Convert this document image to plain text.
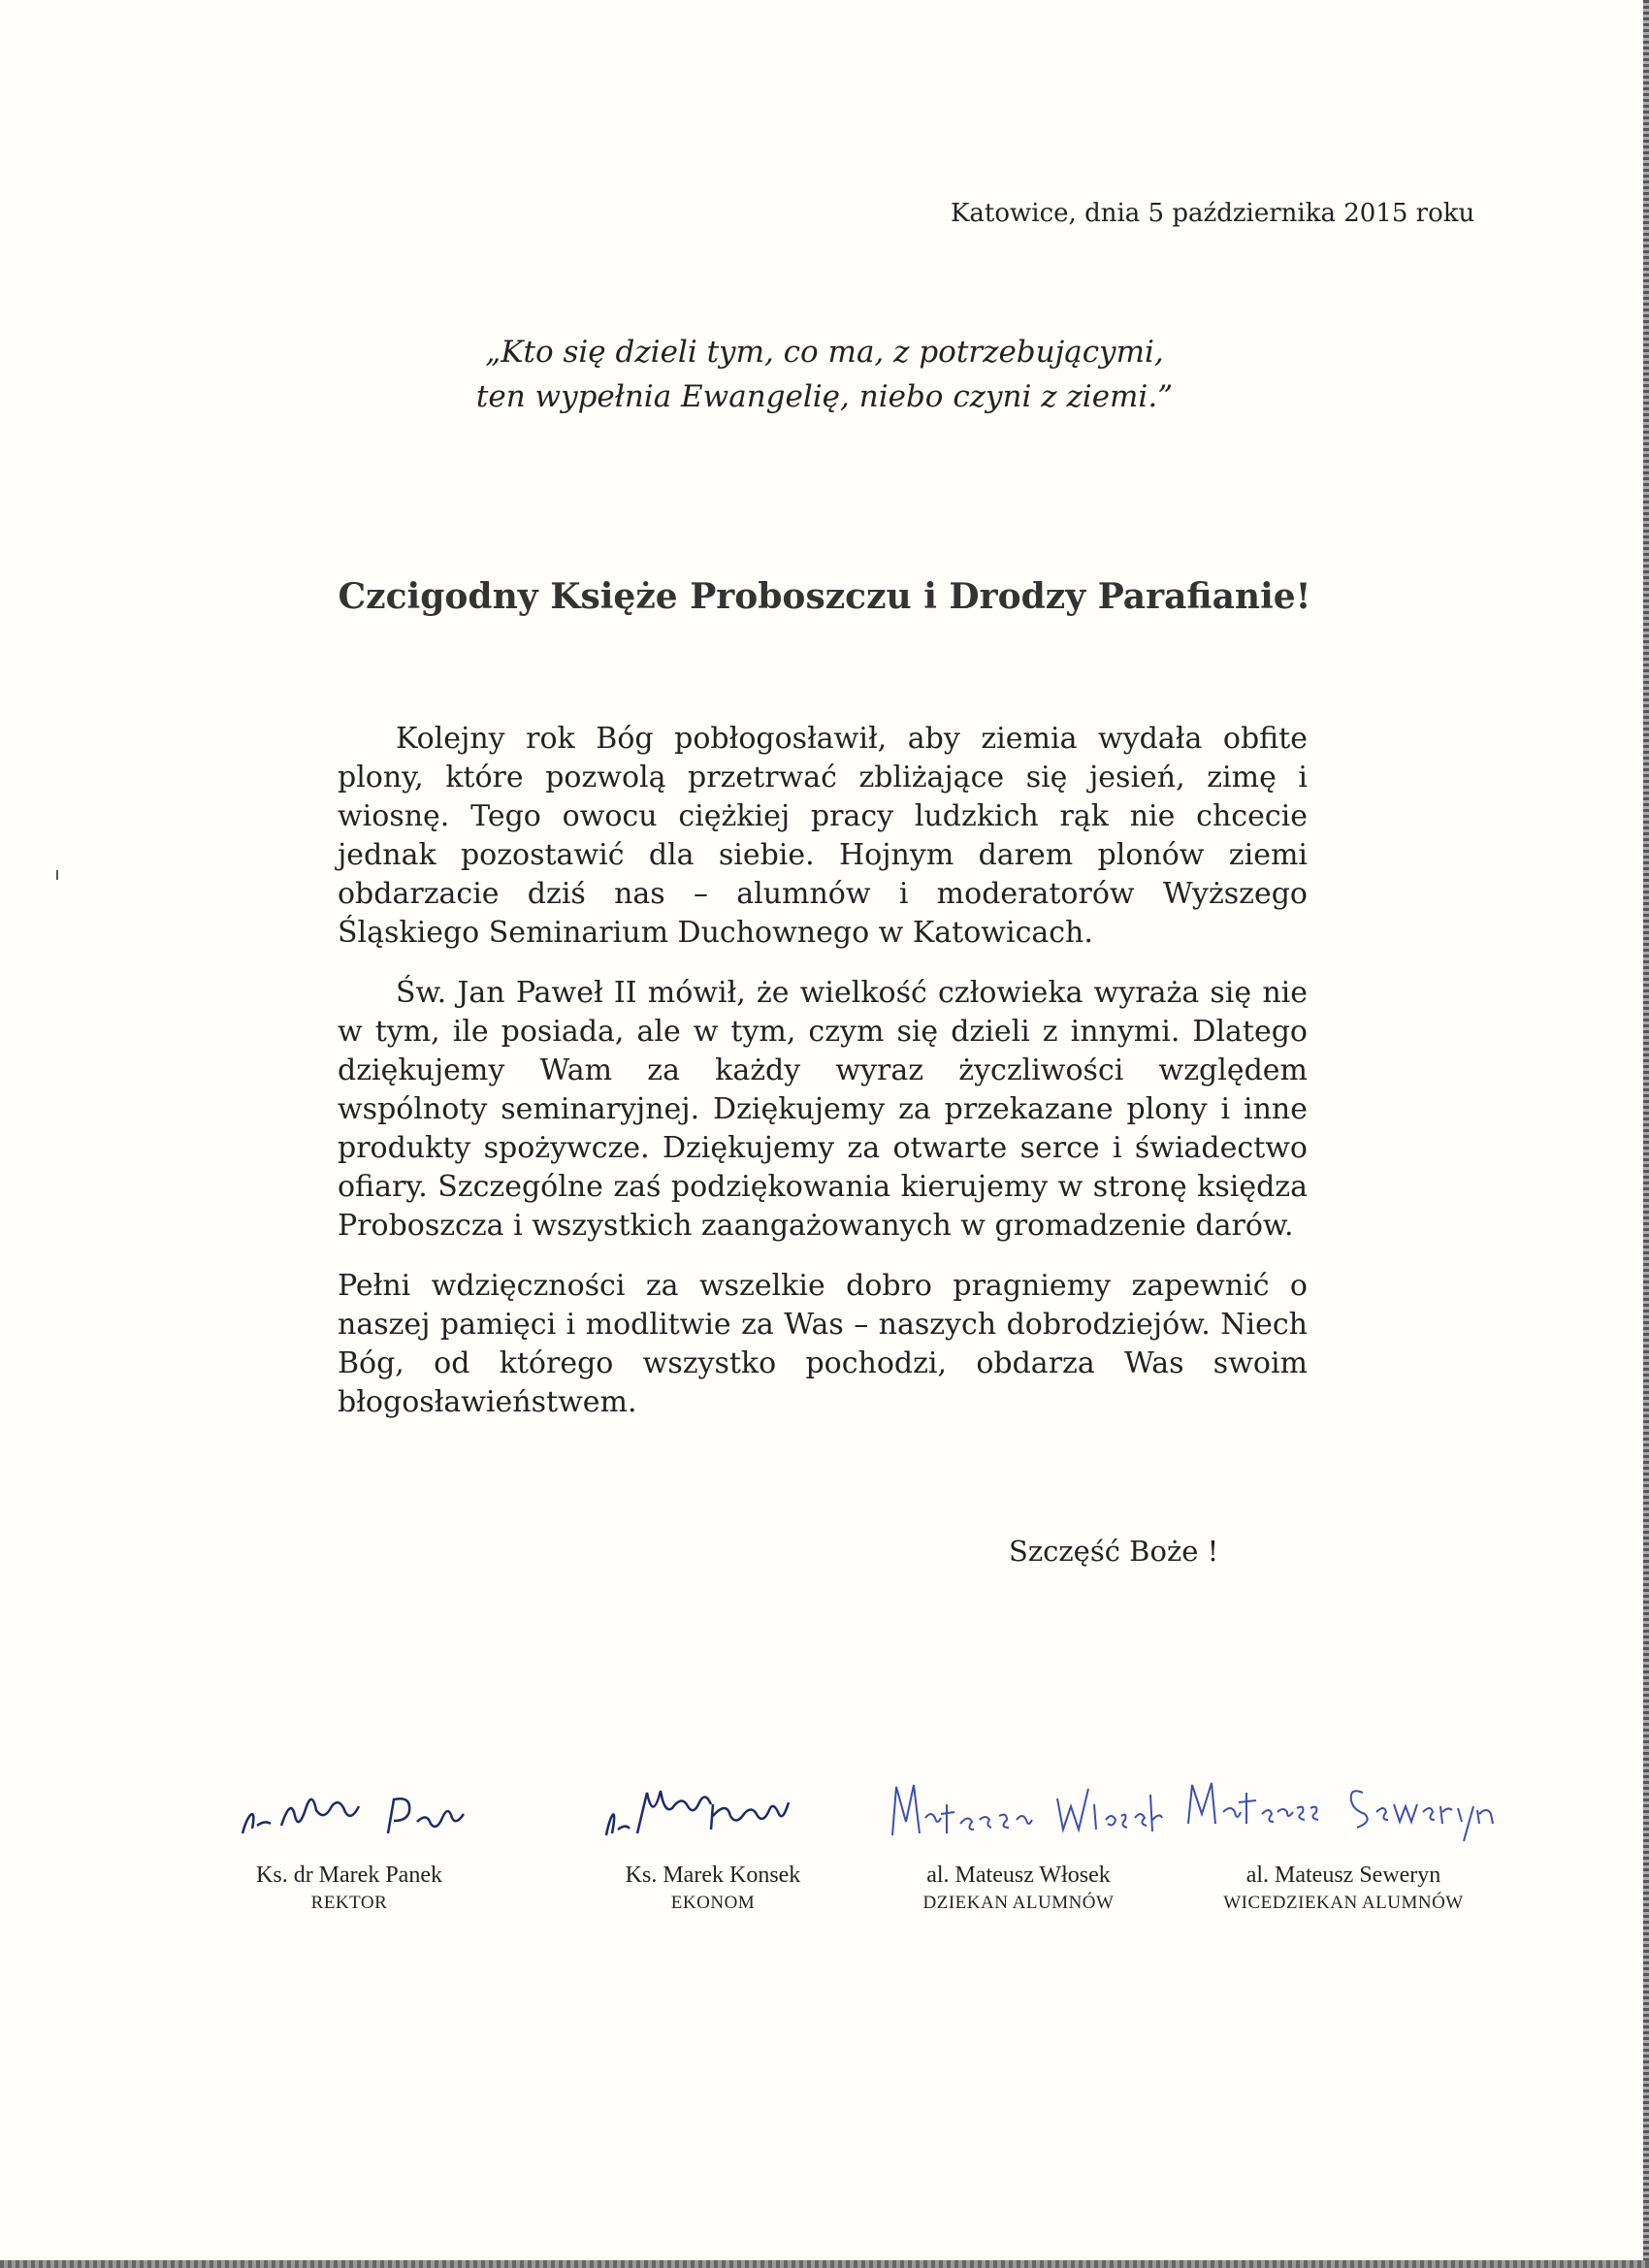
Katowice, dnia 5 października 2015 roku
„Kto się dzieli tym, co ma, z potrzebującymi,
ten wypełnia Ewangelię, niebo czyni z ziemi.”
Czcigodny Księże Proboszczu i Drodzy Parafianie!

Kolejny rok Bóg pobłogosławił, aby ziemia wydała obfite plony, które pozwolą przetrwać zbliżające się jesień, zimę i wiosnę. Tego owocu ciężkiej pracy ludzkich rąk nie chcecie jednak pozostawić dla siebie. Hojnym darem plonów ziemi obdarzacie dziś nas – alumnów i moderatorów Wyższego Śląskiego Seminarium Duchownego w Katowicach.

Św. Jan Paweł II mówił, że wielkość człowieka wyraża się nie w tym, ile posiada, ale w tym, czym się dzieli z innymi. Dlatego dziękujemy Wam za każdy wyraz życzliwości względem wspólnoty seminaryjnej. Dziękujemy za przekazane plony i inne produkty spożywcze. Dziękujemy za otwarte serce i świadectwo ofiary. Szczególne zaś podziękowania kierujemy w stronę księdza Proboszcza i wszystkich zaangażowanych w gromadzenie darów.

Pełni wdzięczności za wszelkie dobro pragniemy zapewnić o naszej pamięci i modlitwie za Was – naszych dobrodziejów. Niech Bóg, od którego wszystko pochodzi, obdarza Was swoim błogosławieństwem.

Szczęść Boże !
Ks. dr Marek Panek
REKTOR
Ks. Marek Konsek
EKONOM
al. Mateusz Włosek
DZIEKAN ALUMNÓW
al. Mateusz Seweryn
WICEDZIEKAN ALUMNÓW
